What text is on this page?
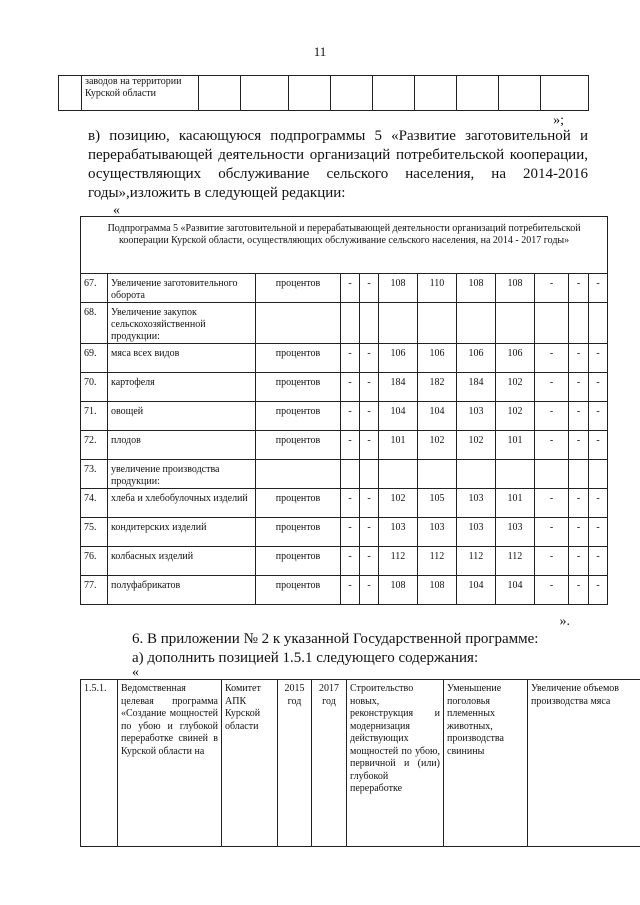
11
	заводов на территории Курской области									
»;
в) позицию, касающуюся подпрограммы 5 «Развитие заготовительной и перерабатывающей деятельности организаций потребительской кооперации, осуществляющих обслуживание сельского населения, на 2014-2016 годы»,изложить в следующей редакции:
«
Подпрограмма 5 «Развитие заготовительной и перерабатывающей деятельности организаций потребительской кооперации Курской области, осуществляющих обслуживание сельского населения, на 2014 - 2017 годы»											
67.	Увеличение заготовительного оборота	процентов	-	-	108	110	108	108	-	-	-
68.	Увеличение закупок сельскохозяйственной продукции:										
69.	мяса всех видов	процентов	-	-	106	106	106	106	-	-	-
70.	картофеля	процентов	-	-	184	182	184	102	-	-	-
71.	овощей	процентов	-	-	104	104	103	102	-	-	-
72.	плодов	процентов	-	-	101	102	102	101	-	-	-
73.	увеличение производства продукции:										
74.	хлеба и хлебобулочных изделий	процентов	-	-	102	105	103	101	-	-	-
75.	кондитерских изделий	процентов	-	-	103	103	103	103	-	-	-
76.	колбасных изделий	процентов	-	-	112	112	112	112	-	-	-
77.	полуфабрикатов	процентов	-	-	108	108	104	104	-	-	-
».
6. В приложении № 2 к указанной Государственной программе:
а) дополнить позицией 1.5.1 следующего содержания:
«
1.5.1.	Ведомственная целевая программа «Создание мощностей по убою и глубокой переработке свиней в Курской области на	Комитет АПК Курской области	2015 год	2017 год	Строительство новых, реконструкция и модернизация действующих мощностей по убою, первичной и (или) глубокой переработке	Уменьшение поголовья племенных животных, производства свинины	Увеличение объемов производства мяса
